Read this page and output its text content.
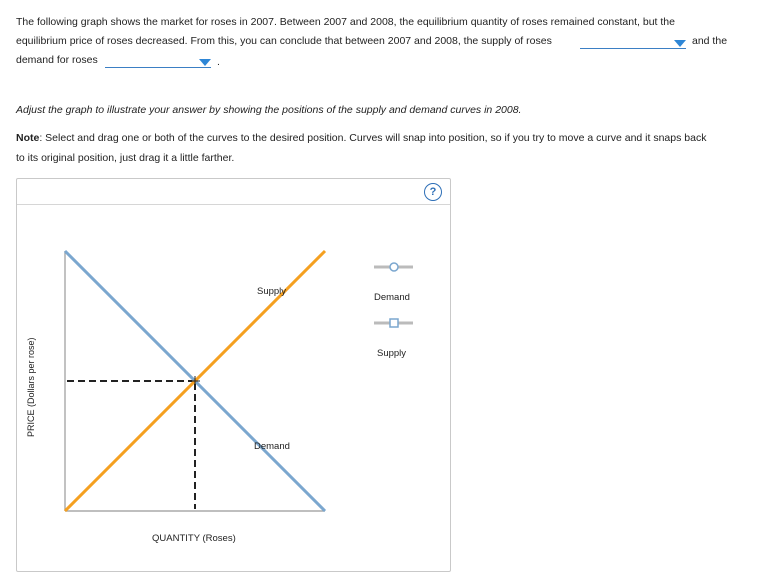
The following graph shows the market for roses in 2007. Between 2007 and 2008, the equilibrium quantity of roses remained constant, but the
equilibrium price of roses decreased. From this, you can conclude that between 2007 and 2008, the supply of roses	and the
demand for roses	.
Adjust the graph to illustrate your answer by showing the positions of the supply and demand curves in 2008.
Note: Select and drag one or both of the curves to the desired position. Curves will snap into position, so if you try to move a curve and it snaps back
to its original position, just drag it a little farther.
?
Supply
Demand
QUANTITY (Roses)
Demand
Supply
PRICE (Dollars per rose)
